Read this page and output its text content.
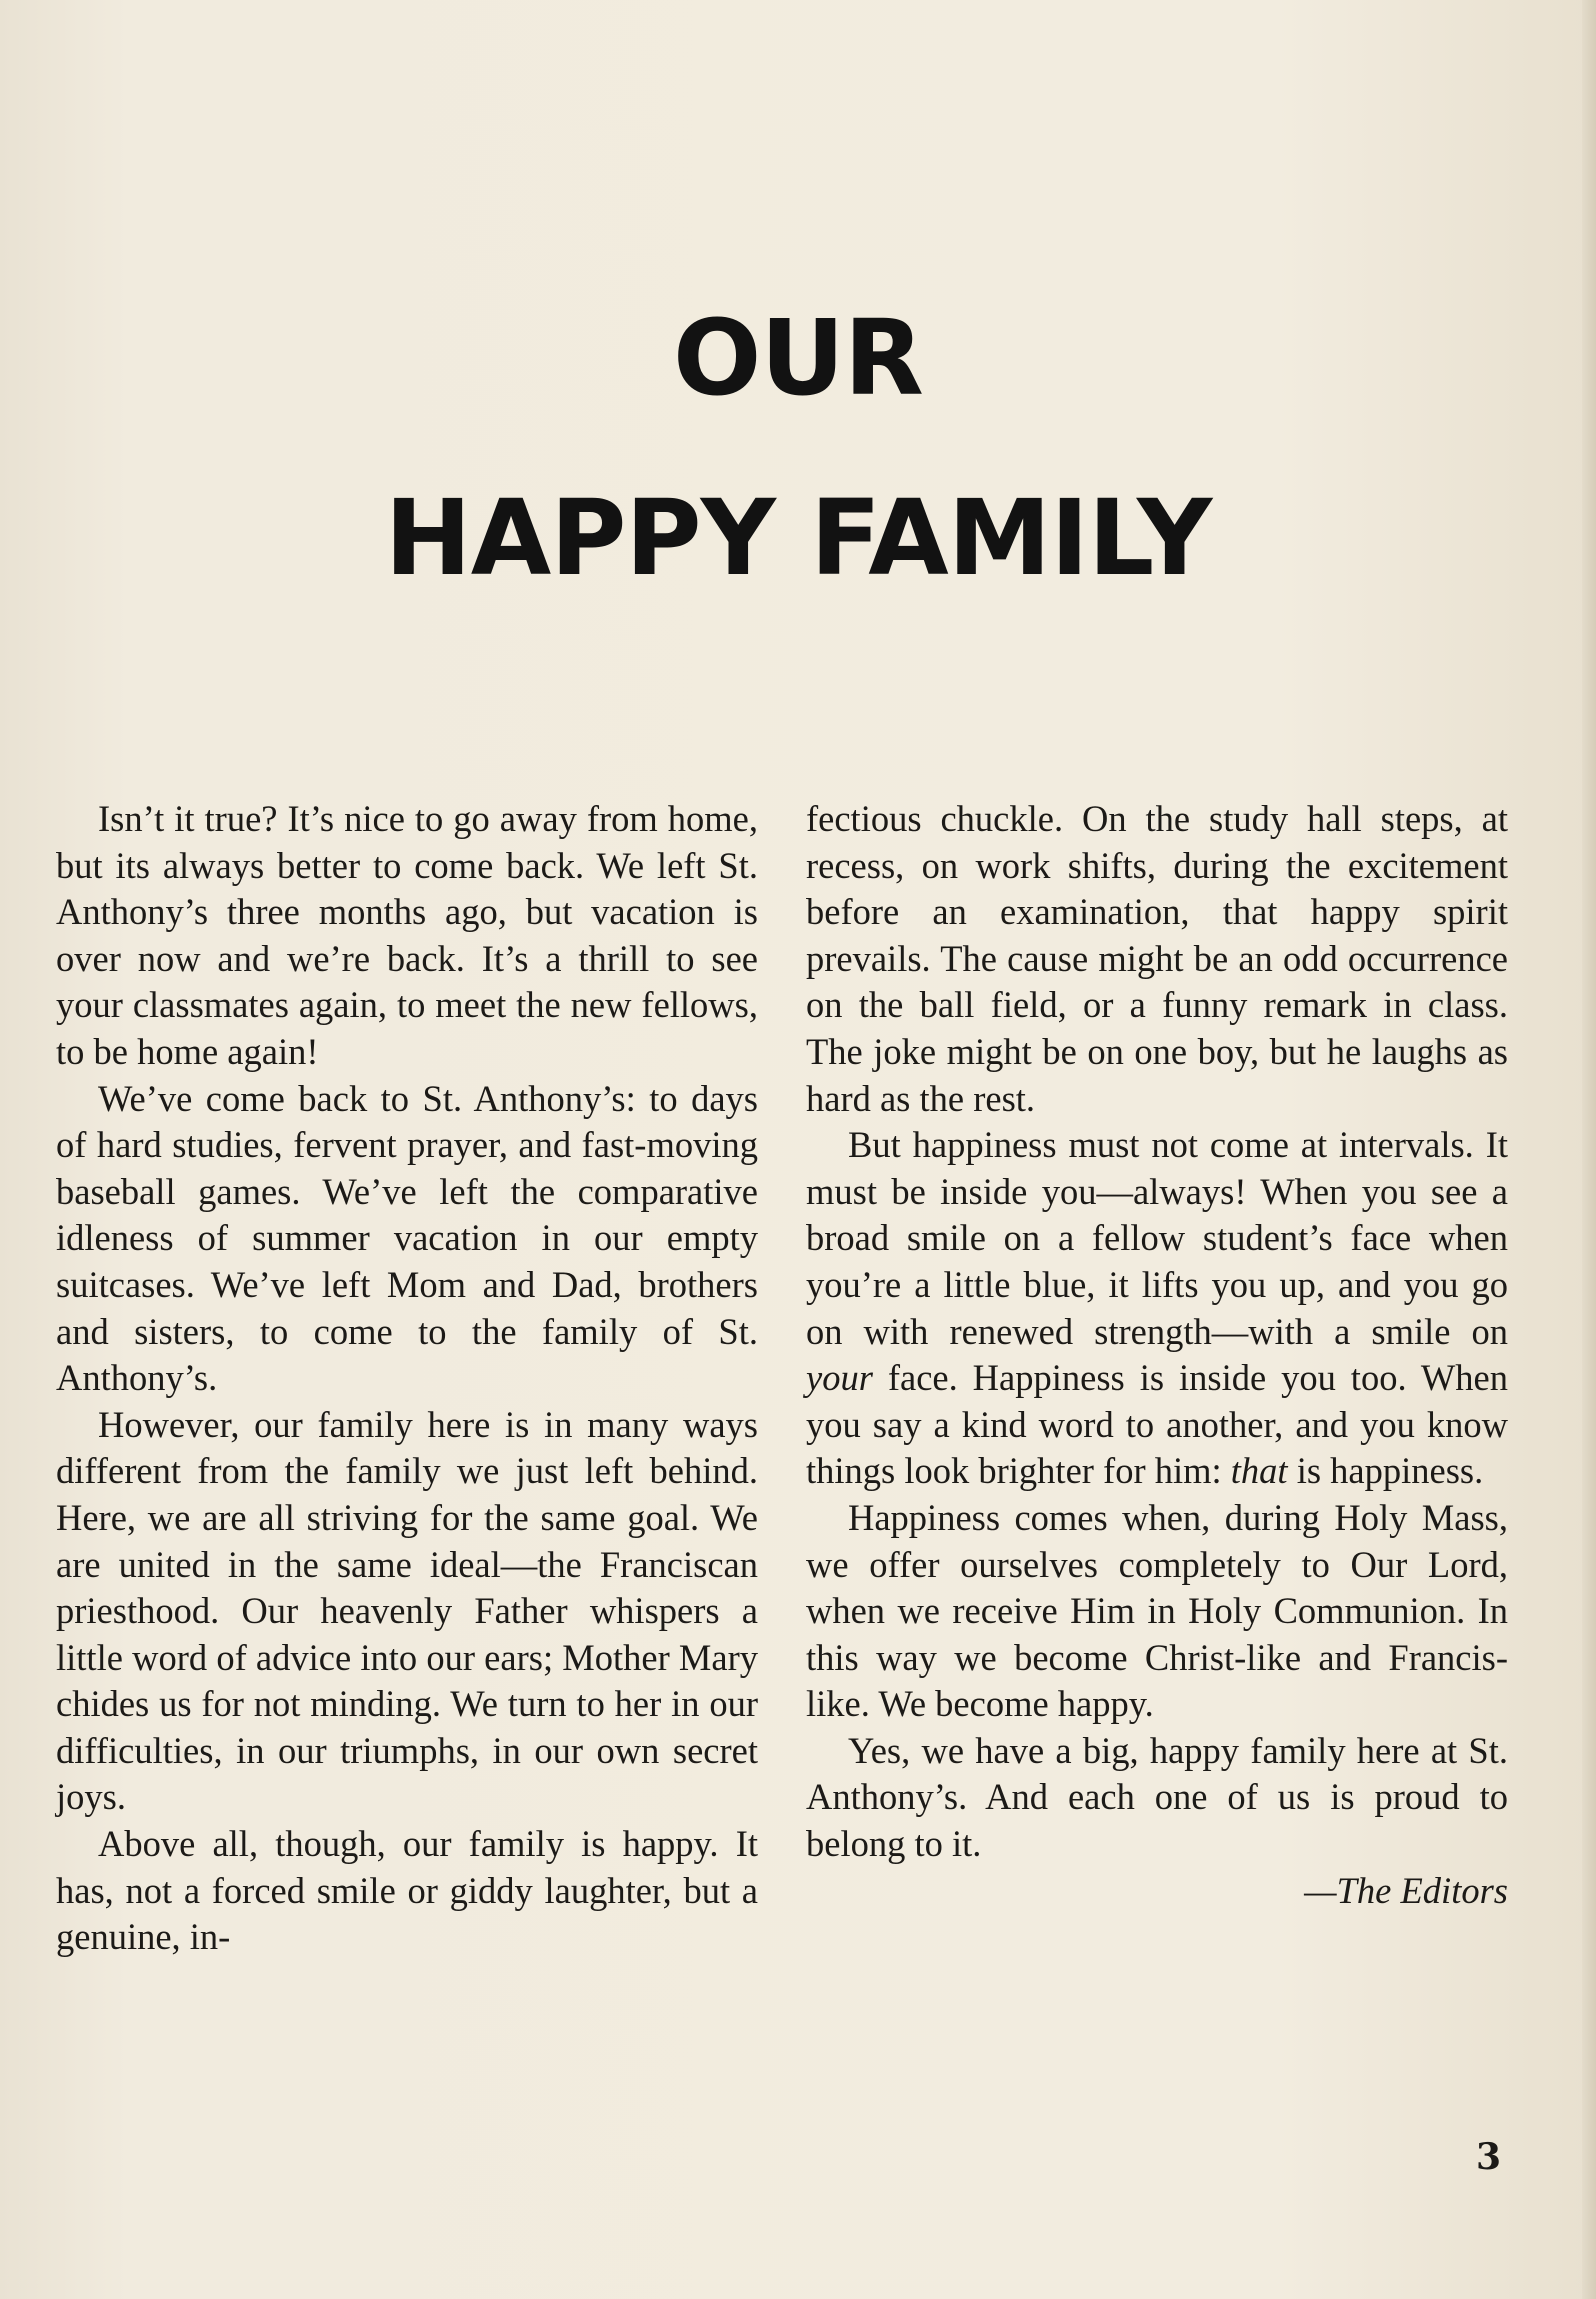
OUR
HAPPY FAMILY

Isn’t it true? It’s nice to go away from home, but its always better to come back. We left St. Anthony’s three months ago, but vacation is over now and we’re back. It’s a thrill to see your classmates again, to meet the new fellows, to be home again!

We’ve come back to St. Anthony’s: to days of hard studies, fervent prayer, and fast-moving baseball games. We’ve left the comparative idleness of summer vacation in our empty suitcases. We’ve left Mom and Dad, brothers and sisters, to come to the family of St. Anthony’s.

However, our family here is in many ways different from the family we just left behind. Here, we are all striving for the same goal. We are united in the same ideal—the Franciscan priesthood. Our heavenly Father whispers a little word of advice into our ears; Mother Mary chides us for not minding. We turn to her in our difficulties, in our triumphs, in our own secret joys.

Above all, though, our family is happy. It has, not a forced smile or giddy laughter, but a genuine, in-

fectious chuckle. On the study hall steps, at recess, on work shifts, during the excitement before an examination, that happy spirit prevails. The cause might be an odd occurrence on the ball field, or a funny remark in class. The joke might be on one boy, but he laughs as hard as the rest.

But happiness must not come at intervals. It must be inside you—always! When you see a broad smile on a fellow student’s face when you’re a little blue, it lifts you up, and you go on with renewed strength—with a smile on your face. Happiness is inside you too. When you say a kind word to another, and you know things look brighter for him: that is happiness.

Happiness comes when, during Holy Mass, we offer ourselves completely to Our Lord, when we receive Him in Holy Communion. In this way we become Christ-like and Francis-like. We become happy.

Yes, we have a big, happy family here at St. Anthony’s. And each one of us is proud to belong to it.

—The Editors

3
